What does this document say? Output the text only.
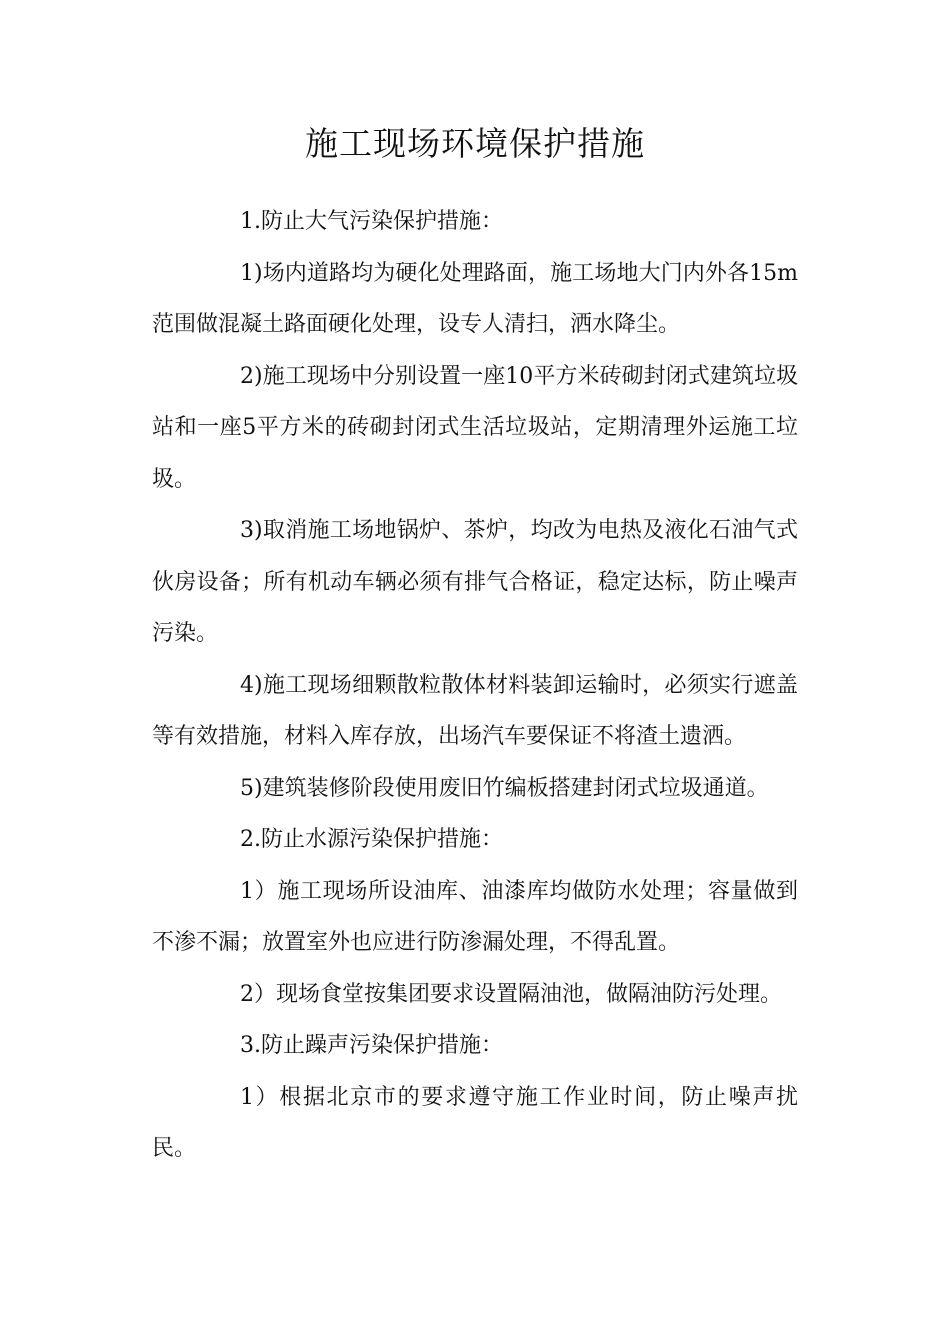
施工现场环境保护措施

1.防止大气污染保护措施：

1)场内道路均为硬化处理路面，施工场地大门内外各15m范围做混凝土路面硬化处理，设专人清扫，洒水降尘。

2)施工现场中分别设置一座10平方米砖砌封闭式建筑垃圾站和一座5平方米的砖砌封闭式生活垃圾站，定期清理外运施工垃圾。

3)取消施工场地锅炉、茶炉，均改为电热及液化石油气式伙房设备；所有机动车辆必须有排气合格证，稳定达标，防止噪声污染。

4)施工现场细颗散粒散体材料装卸运输时，必须实行遮盖等有效措施，材料入库存放，出场汽车要保证不将渣土遗洒。

5)建筑装修阶段使用废旧竹编板搭建封闭式垃圾通道。

2.防止水源污染保护措施：

1）施工现场所设油库、油漆库均做防水处理；容量做到不渗不漏；放置室外也应进行防渗漏处理，不得乱置。

2）现场食堂按集团要求设置隔油池，做隔油防污处理。

3.防止躁声污染保护措施：

1）根据北京市的要求遵守施工作业时间，防止噪声扰民。
